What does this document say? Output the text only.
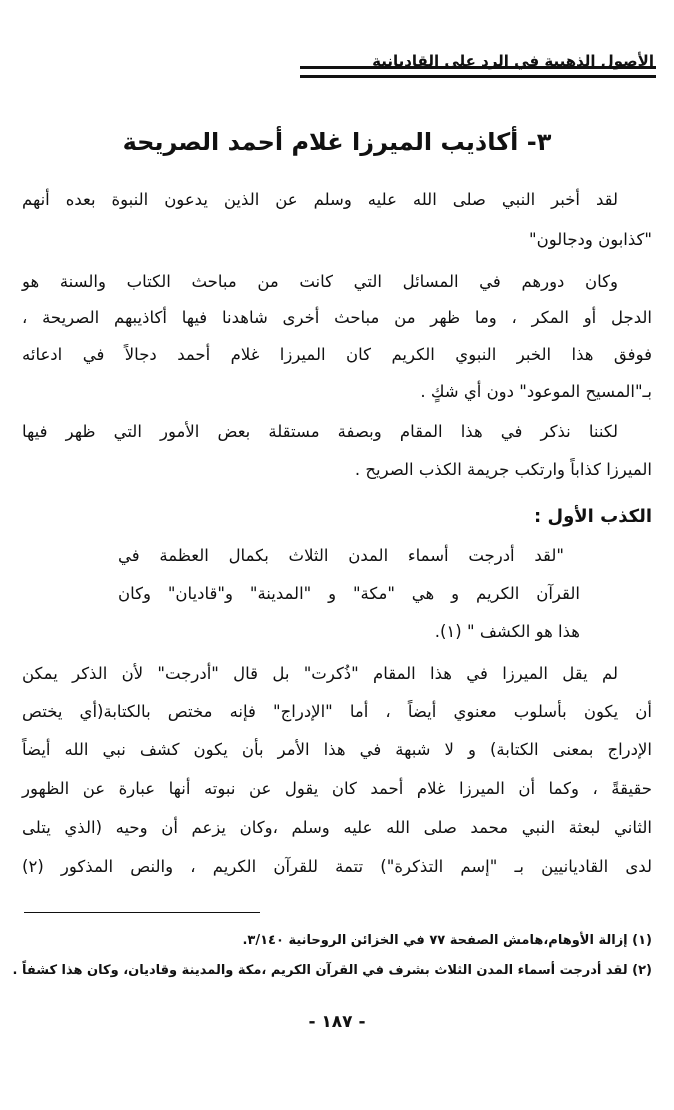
الأصول الذهبية في الرد على القاديانية
٣- أكاذيب الميرزا غلام أحمد الصريحة
لقد أخبر النبي صلى الله عليه وسلم عن الذين يدعون النبوة بعده أنهم
"كذابون ودجالون"
وكان دورهم في المسائل التي كانت من مباحث الكتاب والسنة هو
الدجل أو المكر ، وما ظهر من مباحث أخرى شاهدنا فيها أكاذيبهم الصريحة ،
فوفق هذا الخبر النبوي الكريم كان الميرزا غلام أحمد دجالاً في ادعائه
بـ"المسيح الموعود" دون أي شكٍ .
لكننا نذكر في هذا المقام وبصفة مستقلة بعض الأمور التي ظهر فيها
الميرزا كذاباً وارتكب جريمة الكذب الصريح .
الكذب الأول :
"لقد أدرجت أسماء المدن الثلاث بكمال العظمة في
القرآن الكريم و هي "مكة" و "المدينة" و"قاديان" وكان
هذا هو الكشف " (١).
لم يقل الميرزا في هذا المقام "ذُكرت" بل قال "أدرجت" لأن الذكر يمكن
أن يكون بأسلوب معنوي أيضاً ، أما "الإدراج" فإنه مختص بالكتابة(أي يختص
الإدراج بمعنى الكتابة) و لا شبهة في هذا الأمر بأن يكون كشف نبي الله أيضاً
حقيقةً ، وكما أن الميرزا غلام أحمد كان يقول عن نبوته أنها عبارة عن الظهور
الثاني لبعثة النبي محمد صلى الله عليه وسلم ،وكان يزعم أن وحيه (الذي يتلى
لدى القاديانيين بـ "إسم التذكرة") تتمة للقرآن الكريم ، والنص المذكور (٢)
(١) إزالة الأوهام،هامش الصفحة ٧٧ في الخزائن الروحانية ٣/١٤٠.
(٢) لقد أدرجت أسماء المدن الثلاث بشرف في القرآن الكريم ،مكة والمدينة وقاديان، وكان هذا كشفاً .
- ١٨٧ -
